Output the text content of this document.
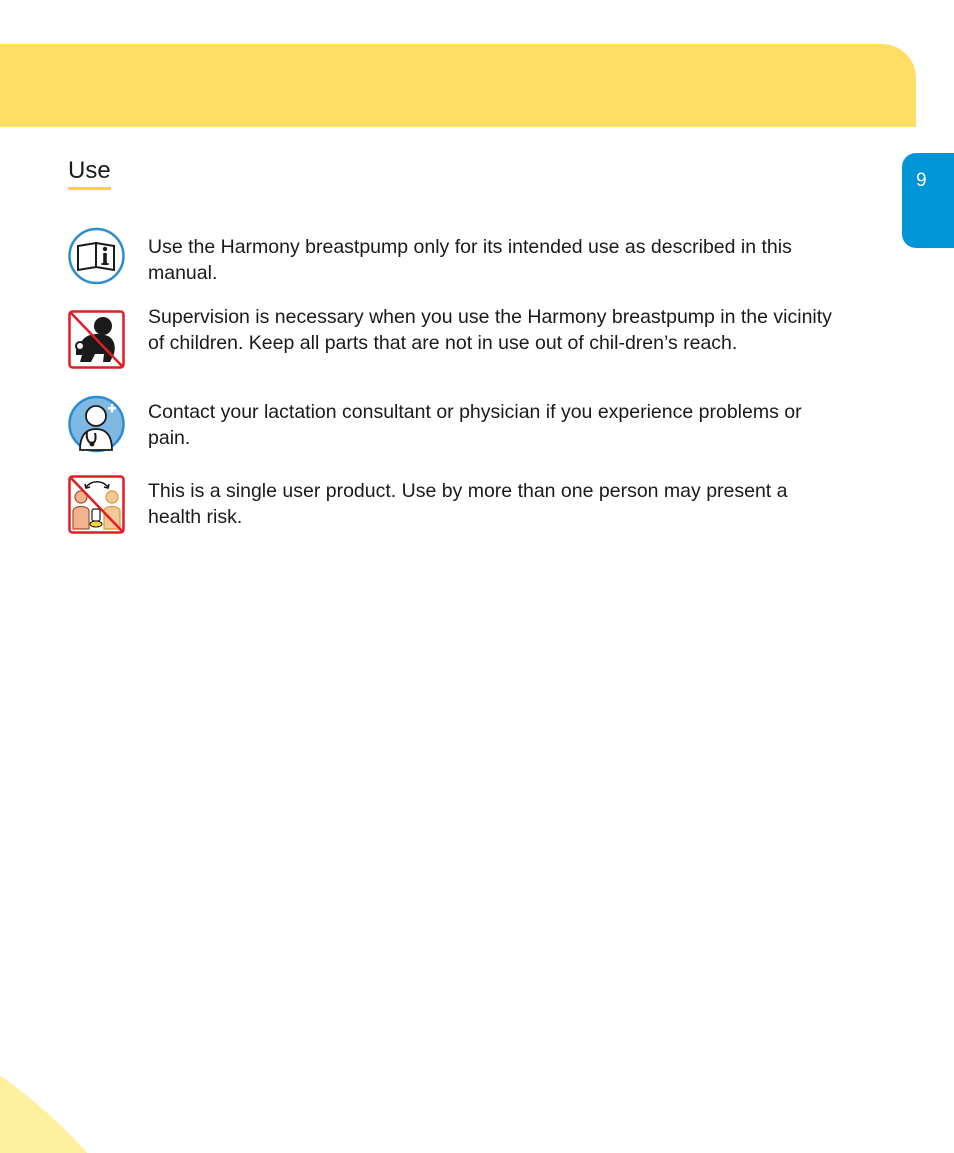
9
Use

Use the Harmony breastpump only for its intended use as described in this manual.

Supervision is necessary when you use the Harmony breastpump in the vicinity of children. Keep all parts that are not in use out of chil-dren’s reach.

Contact your lactation consultant or physician if you experience problems or pain.

This is a single user product. Use by more than one person may present a health risk.
